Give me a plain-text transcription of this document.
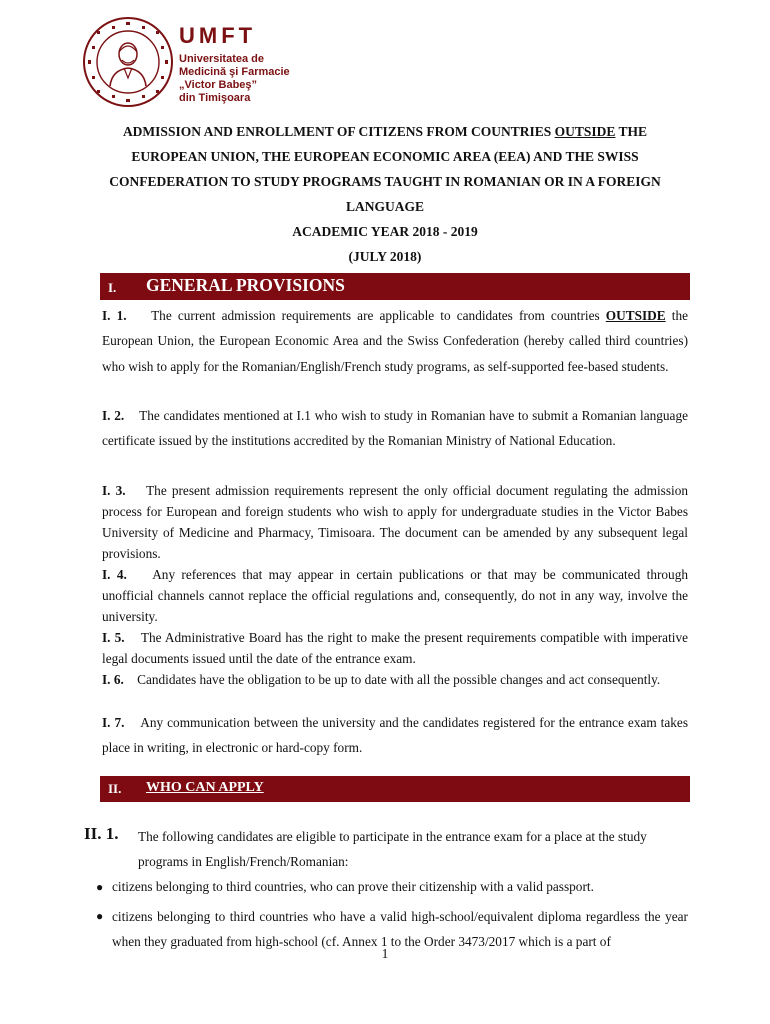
UMFT
Universitatea de
Medicină şi Farmacie
„Victor Babeş”
din Timişoara
ADMISSION AND ENROLLMENT OF CITIZENS FROM COUNTRIES OUTSIDE THE
EUROPEAN UNION, THE EUROPEAN ECONOMIC AREA (EEA) AND THE SWISS
CONFEDERATION TO STUDY PROGRAMS TAUGHT IN ROMANIAN OR IN A FOREIGN
LANGUAGE
ACADEMIC YEAR 2018 - 2019
(JULY 2018)
I. GENERAL PROVISIONS
I. 1. The current admission requirements are applicable to candidates from countries OUTSIDE the European Union, the European Economic Area and the Swiss Confederation (hereby called third countries) who wish to apply for the Romanian/English/French study programs, as self-supported fee-based students.
I. 2. The candidates mentioned at I.1 who wish to study in Romanian have to submit a Romanian language certificate issued by the institutions accredited by the Romanian Ministry of National Education.
I. 3. The present admission requirements represent the only official document regulating the admission process for European and foreign students who wish to apply for undergraduate studies in the Victor Babes University of Medicine and Pharmacy, Timisoara. The document can be amended by any subsequent legal provisions.
I. 4. Any references that may appear in certain publications or that may be communicated through unofficial channels cannot replace the official regulations and, consequently, do not in any way, involve the university.
I. 5. The Administrative Board has the right to make the present requirements compatible with imperative legal documents issued until the date of the entrance exam.
I. 6. Candidates have the obligation to be up to date with all the possible changes and act consequently.
I. 7. Any communication between the university and the candidates registered for the entrance exam takes place in writing, in electronic or hard-copy form.
II. WHO CAN APPLY
II. 1. The following candidates are eligible to participate in the entrance exam for a place at the study programs in English/French/Romanian:
● citizens belonging to third countries, who can prove their citizenship with a valid passport.
● citizens belonging to third countries who have a valid high-school/equivalent diploma regardless the year when they graduated from high-school (cf. Annex 1 to the Order 3473/2017 which is a part of
1
